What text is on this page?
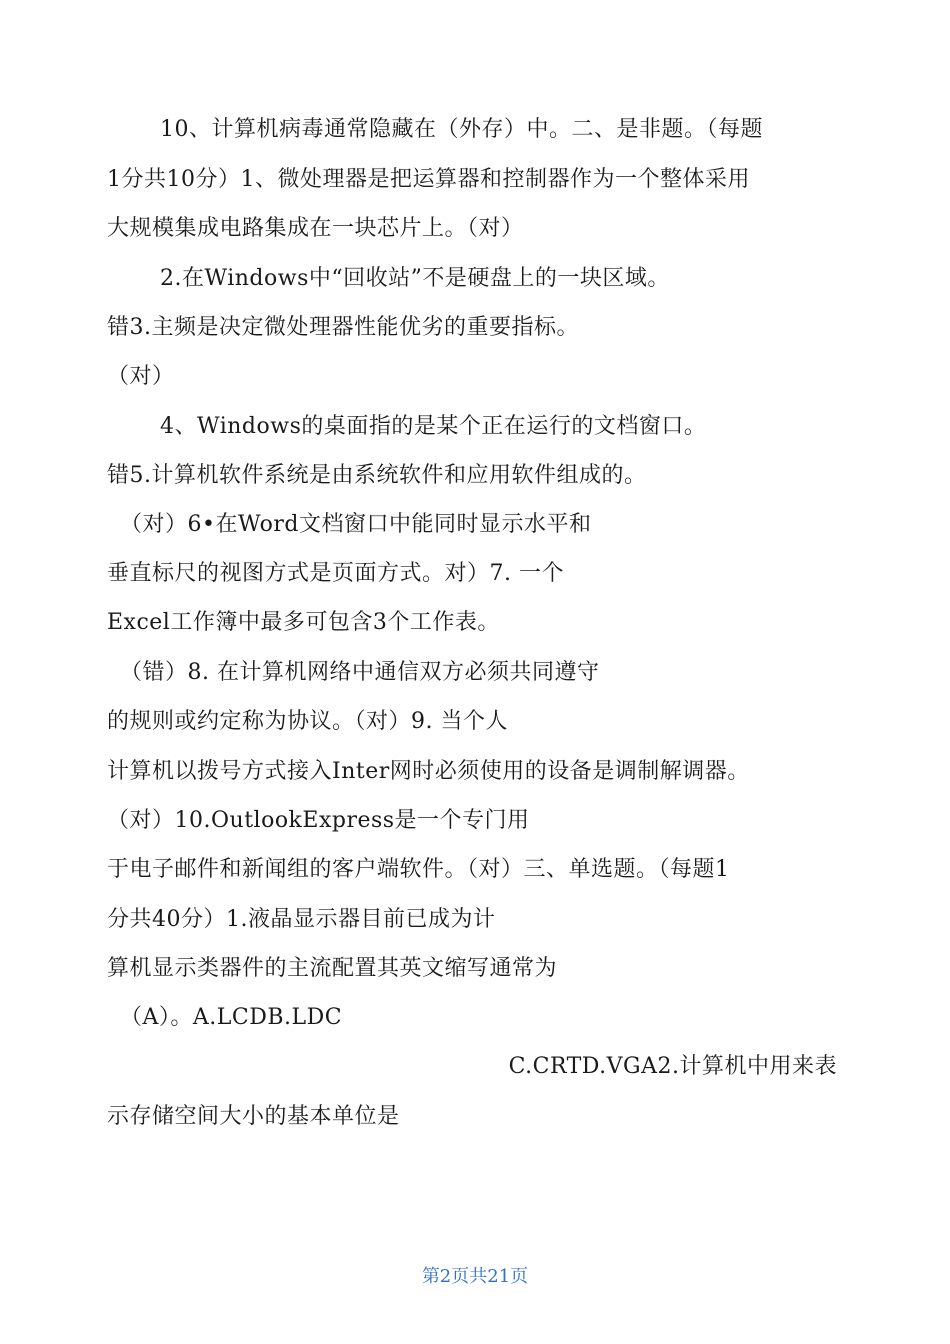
10、计算机病毒通常隐藏在（外存）中。二、是非题。（每题
1分共10分）1、微处理器是把运算器和控制器作为一个整体采用
大规模集成电路集成在一块芯片上。（对）
2.在Windows中“回收站”不是硬盘上的一块区域。
错3.主频是决定微处理器性能优劣的重要指标。
（对）
4、Windows的桌面指的是某个正在运行的文档窗口。
错5.计算机软件系统是由系统软件和应用软件组成的。
（对）6•在Word文档窗口中能同时显示水平和
垂直标尺的视图方式是页面方式。对）7. 一个
Excel工作簿中最多可包含3个工作表。
（错）8. 在计算机网络中通信双方必须共同遵守
的规则或约定称为协议。（对）9. 当个人
计算机以拨号方式接入Inter网时必须使用的设备是调制解调器。
（对）10.OutlookExpress是一个专门用
于电子邮件和新闻组的客户端软件。（对）三、单选题。（每题1
分共40分）1.液晶显示器目前已成为计
算机显示类器件的主流配置其英文缩写通常为
（A）。A.LCDB.LDC
C.CRTD.VGA2.计算机中用来表
示存储空间大小的基本单位是
第2页共21页
